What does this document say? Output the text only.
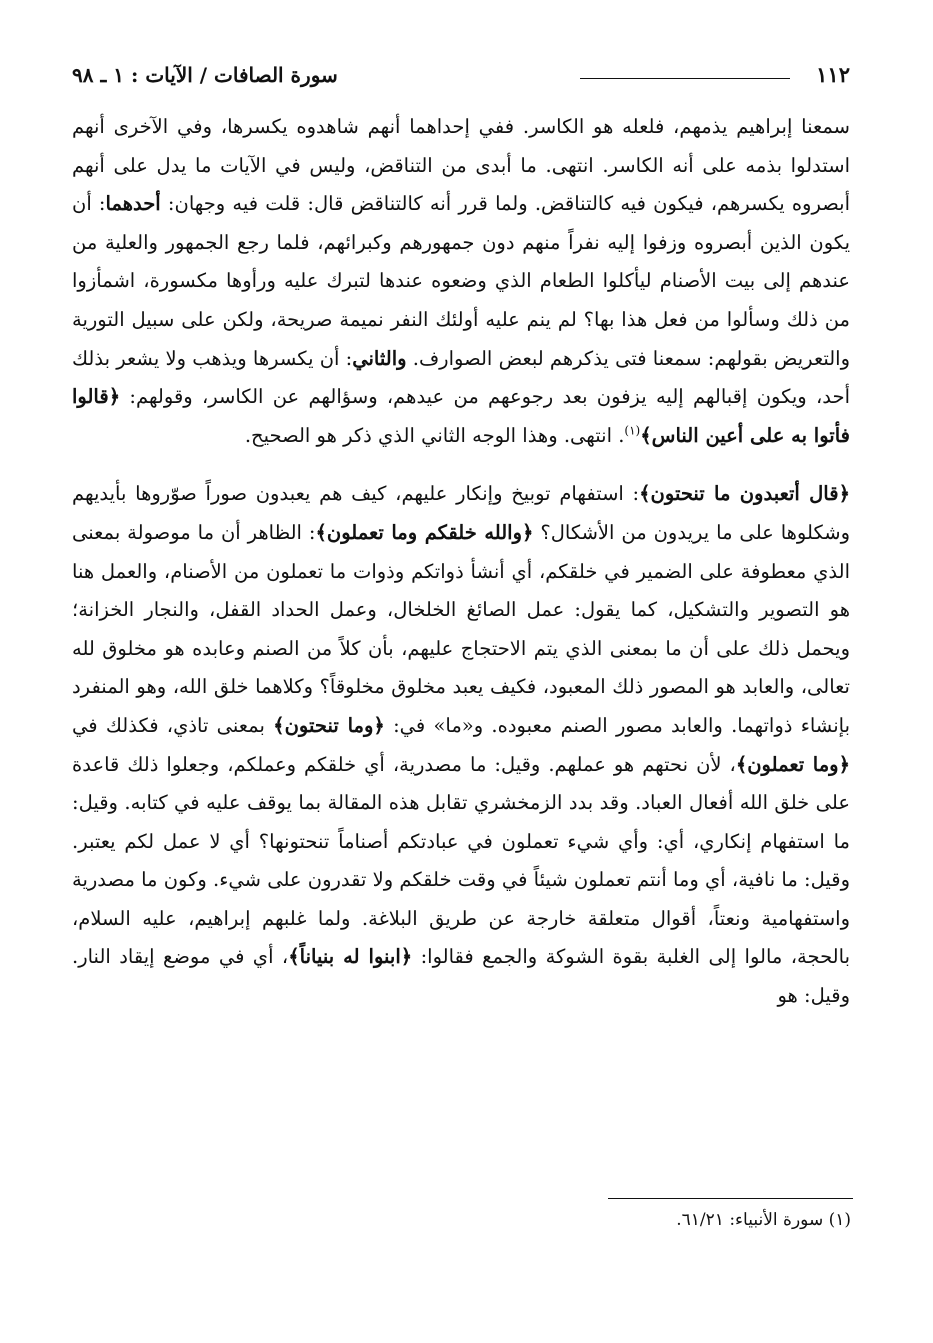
١١٢
سورة الصافات / الآيات : ١ ـ ٩٨

سمعنا إبراهيم يذمهم، فلعله هو الكاسر. ففي إحداهما أنهم شاهدوه يكسرها، وفي الآخرى أنهم استدلوا بذمه على أنه الكاسر. انتهى. ما أبدى من التناقض، وليس في الآيات ما يدل على أنهم أبصروه يكسرهم، فيكون فيه كالتناقض. ولما قرر أنه كالتناقض قال: قلت فيه وجهان: أحدهما: أن يكون الذين أبصروه وزفوا إليه نفراً منهم دون جمهورهم وكبرائهم، فلما رجع الجمهور والعلية من عندهم إلى بيت الأصنام ليأكلوا الطعام الذي وضعوه عندها لتبرك عليه ورأوها مكسورة، اشمأزوا من ذلك وسألوا من فعل هذا بها؟ لم ينم عليه أولئك النفر نميمة صريحة، ولكن على سبيل التورية والتعريض بقولهم: سمعنا فتى يذكرهم لبعض الصوارف. والثاني: أن يكسرها ويذهب ولا يشعر بذلك أحد، ويكون إقبالهم إليه يزفون بعد رجوعهم من عيدهم، وسؤالهم عن الكاسر، وقولهم: ﴿قالوا فأتوا به على أعين الناس﴾$^{(١)}$. انتهى. وهذا الوجه الثاني الذي ذكر هو الصحيح.

﴿قال أتعبدون ما تنحتون﴾: استفهام توبيخ وإنكار عليهم، كيف هم يعبدون صوراً صوّروها بأيديهم وشكلوها على ما يريدون من الأشكال؟ ﴿والله خلقكم وما تعملون﴾: الظاهر أن ما موصولة بمعنى الذي معطوفة على الضمير في خلقكم، أي أنشأ ذواتكم وذوات ما تعملون من الأصنام، والعمل هنا هو التصوير والتشكيل، كما يقول: عمل الصائغ الخلخال، وعمل الحداد القفل، والنجار الخزانة؛ ويحمل ذلك على أن ما بمعنى الذي يتم الاحتجاج عليهم، بأن كلاً من الصنم وعابده هو مخلوق لله تعالى، والعابد هو المصور ذلك المعبود، فكيف يعبد مخلوق مخلوقاً؟ وكلاهما خلق الله، وهو المنفرد بإنشاء ذواتهما. والعابد مصور الصنم معبوده. و«ما» في: ﴿وما تنحتون﴾ بمعنى تاذي، فكذلك في ﴿وما تعملون﴾، لأن نحتهم هو عملهم. وقيل: ما مصدرية، أي خلقكم وعملكم، وجعلوا ذلك قاعدة على خلق الله أفعال العباد. وقد بدد الزمخشري تقابل هذه المقالة بما يوقف عليه في كتابه. وقيل: ما استفهام إنكاري، أي: وأي شيء تعملون في عبادتكم أصناماً تنحتونها؟ أي لا عمل لكم يعتبر. وقيل: ما نافية، أي وما أنتم تعملون شيئاً في وقت خلقكم ولا تقدرون على شيء. وكون ما مصدرية واستفهامية ونعتاً، أقوال متعلقة خارجة عن طريق البلاغة. ولما غلبهم إبراهيم، عليه السلام، بالحجة، مالوا إلى الغلبة بقوة الشوكة والجمع فقالوا: ﴿ابنوا له بنياناً﴾، أي في موضع إيقاد النار. وقيل: هو

(١) سورة الأنبياء: ٦١/٢١.
